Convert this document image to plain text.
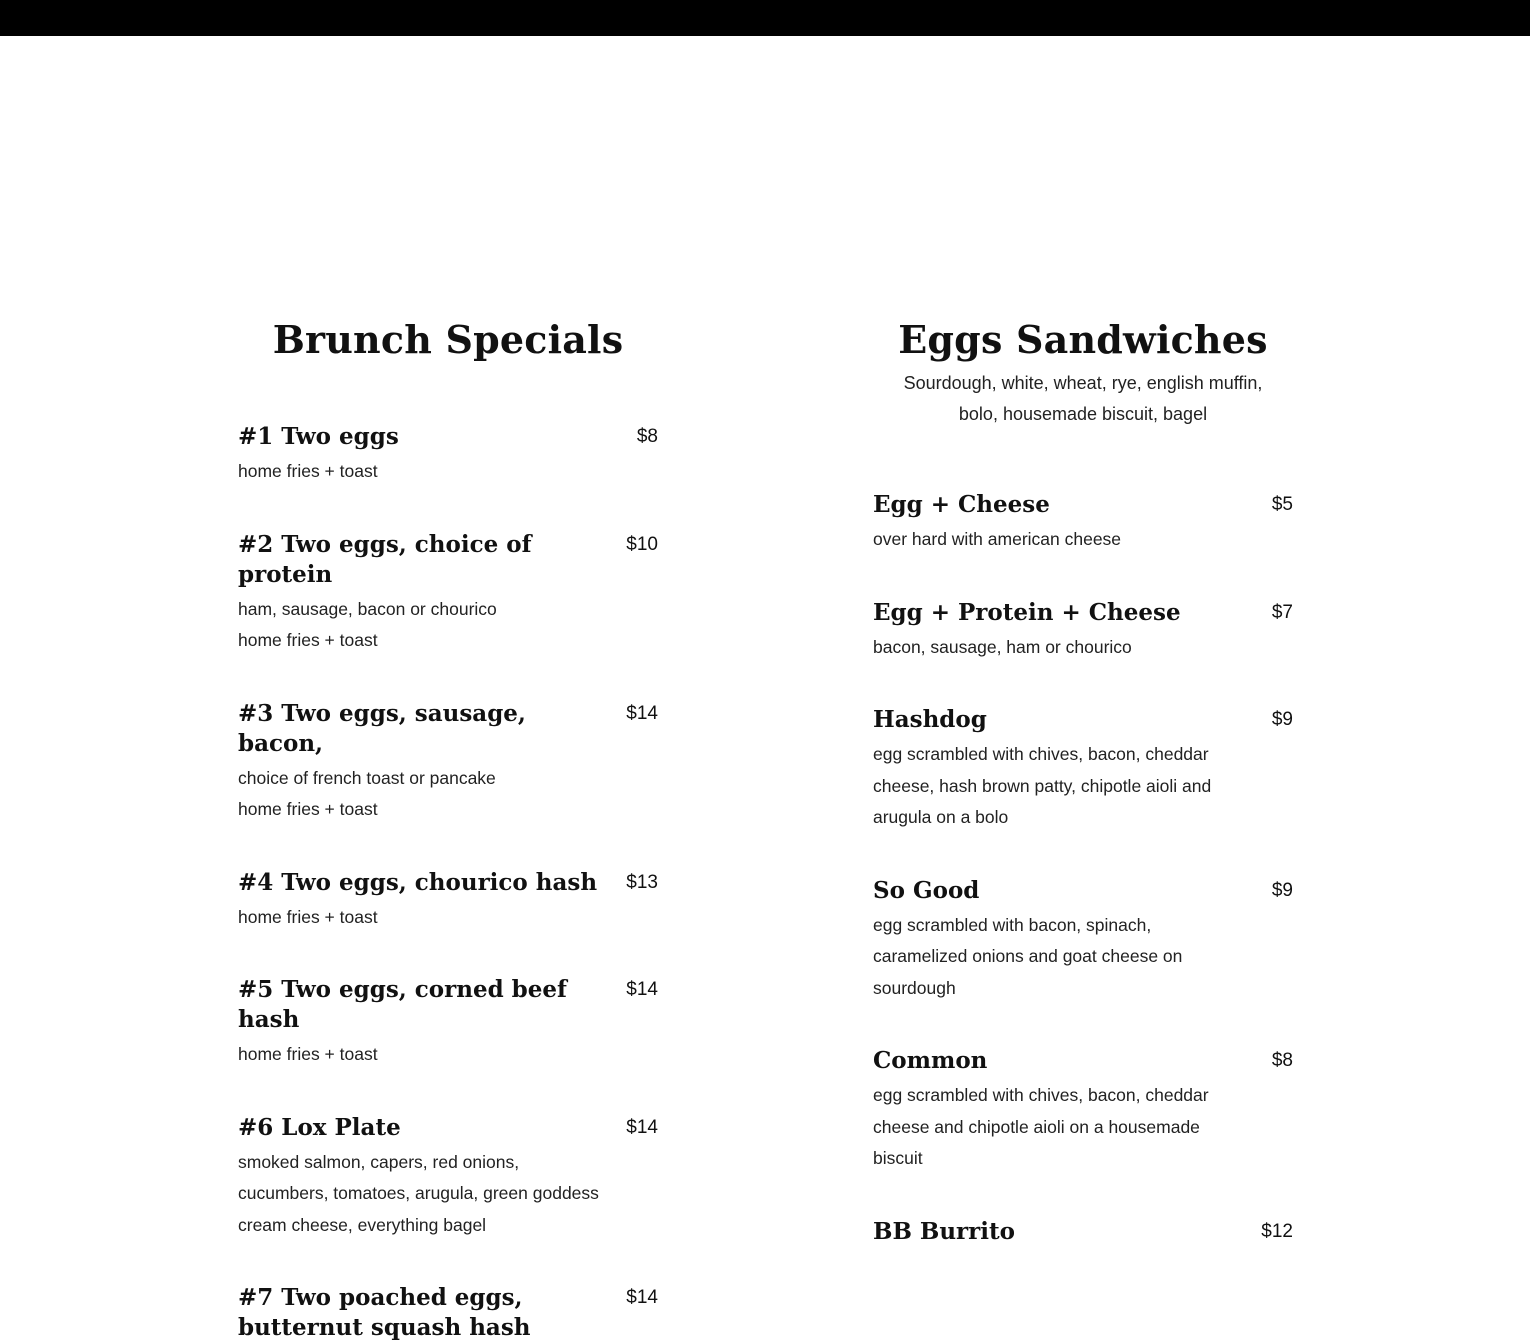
Brunch Specials
#1 Two eggs	$8
home fries + toast
#2 Two eggs, choice of protein
$10
ham, sausage, bacon or chourico
home fries + toast
#3 Two eggs, sausage, bacon,
$14
choice of french toast or pancake
home fries + toast
#4 Two eggs, chourico hash	$13
home fries + toast
#5 Two eggs, corned beef hash
$14
home fries + toast
#6 Lox Plate	$14
smoked salmon, capers, red onions, cucumbers, tomatoes, arugula, green goddess cream cheese, everything bagel
#7 Two poached eggs, butternut squash hash
$14
Eggs Sandwiches

Sourdough, white, wheat, rye, english muffin, bolo, housemade biscuit, bagel

Egg + Cheese	$5
over hard with american cheese
Egg + Protein + Cheese	$7
bacon, sausage, ham or chourico
Hashdog	$9
egg scrambled with chives, bacon, cheddar cheese, hash brown patty, chipotle aioli and arugula on a bolo
So Good	$9
egg scrambled with bacon, spinach, caramelized onions and goat cheese on sourdough
Common	$8
egg scrambled with chives, bacon, cheddar cheese and chipotle aioli on a housemade biscuit
BB Burrito	$12
